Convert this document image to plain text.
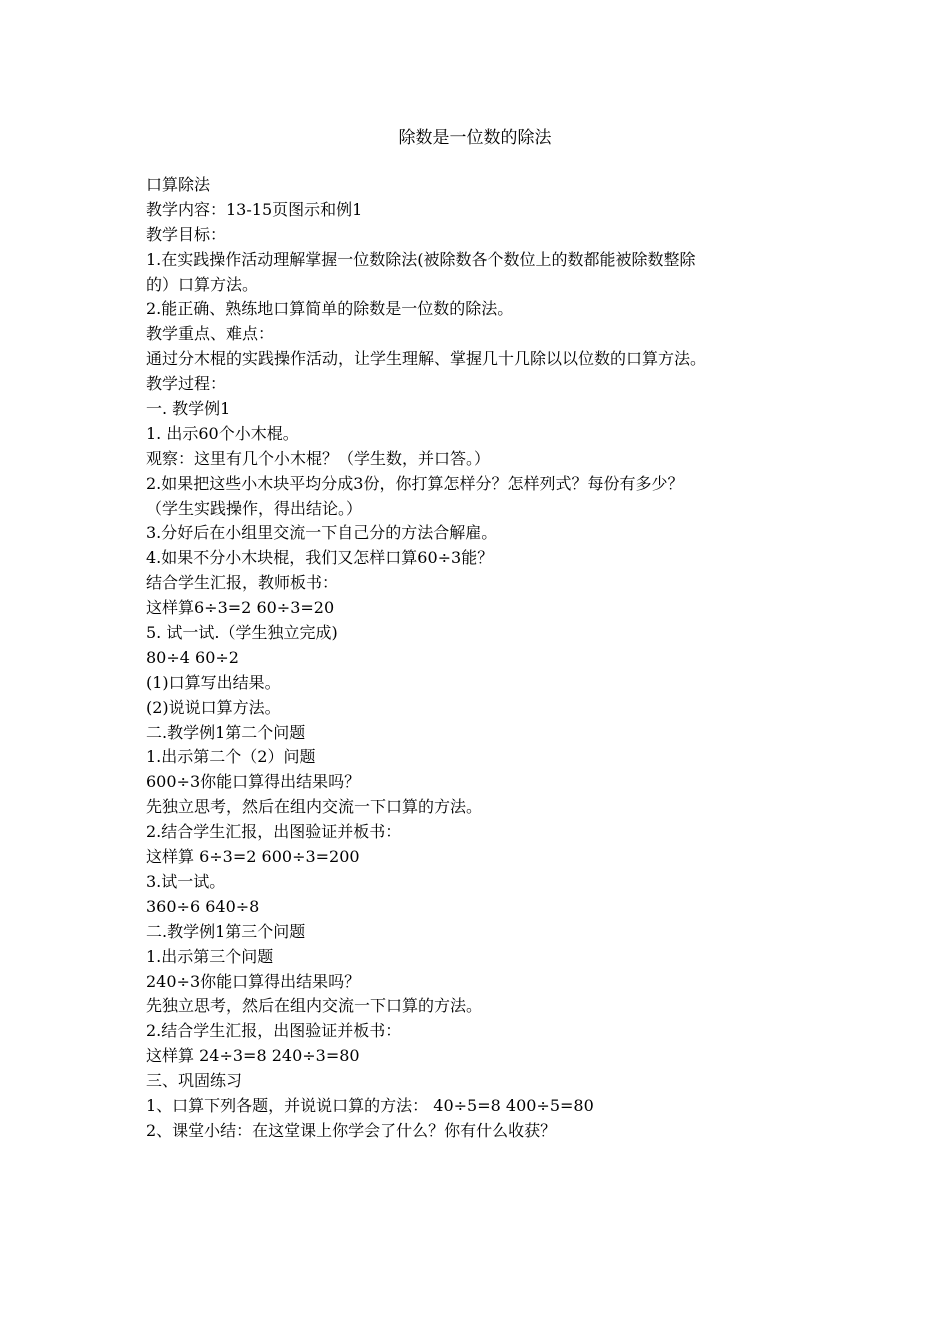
除数是一位数的除法
口算除法
教学内容：13-15页图示和例1
教学目标：
1.在实践操作活动理解掌握一位数除法(被除数各个数位上的数都能被除数整除
的）口算方法。
2.能正确、熟练地口算简单的除数是一位数的除法。
教学重点、难点：
通过分木棍的实践操作活动，让学生理解、掌握几十几除以以位数的口算方法。
教学过程：
一. 教学例1
1. 出示60个小木棍。
观察：这里有几个小木棍？（学生数，并口答。）
2.如果把这些小木块平均分成3份，你打算怎样分？怎样列式？每份有多少？
（学生实践操作，得出结论。）
3.分好后在小组里交流一下自己分的方法合解雇。
4.如果不分小木块棍，我们又怎样口算60÷3能？
结合学生汇报，教师板书：
这样算6÷3=2 60÷3=20
5. 试一试.（学生独立完成)
80÷4 60÷2
(1)口算写出结果。
(2)说说口算方法。
二.教学例1第二个问题
1.出示第二个（2）问题
600÷3你能口算得出结果吗？
先独立思考，然后在组内交流一下口算的方法。
2.结合学生汇报，出图验证并板书：
这样算 6÷3=2 600÷3=200
3.试一试。
360÷6 640÷8
二.教学例1第三个问题
1.出示第三个问题
240÷3你能口算得出结果吗？
先独立思考，然后在组内交流一下口算的方法。
2.结合学生汇报，出图验证并板书：
这样算 24÷3=8 240÷3=80
三、巩固练习
1、口算下列各题，并说说口算的方法： 40÷5=8 400÷5=80
2、课堂小结：在这堂课上你学会了什么？你有什么收获？
